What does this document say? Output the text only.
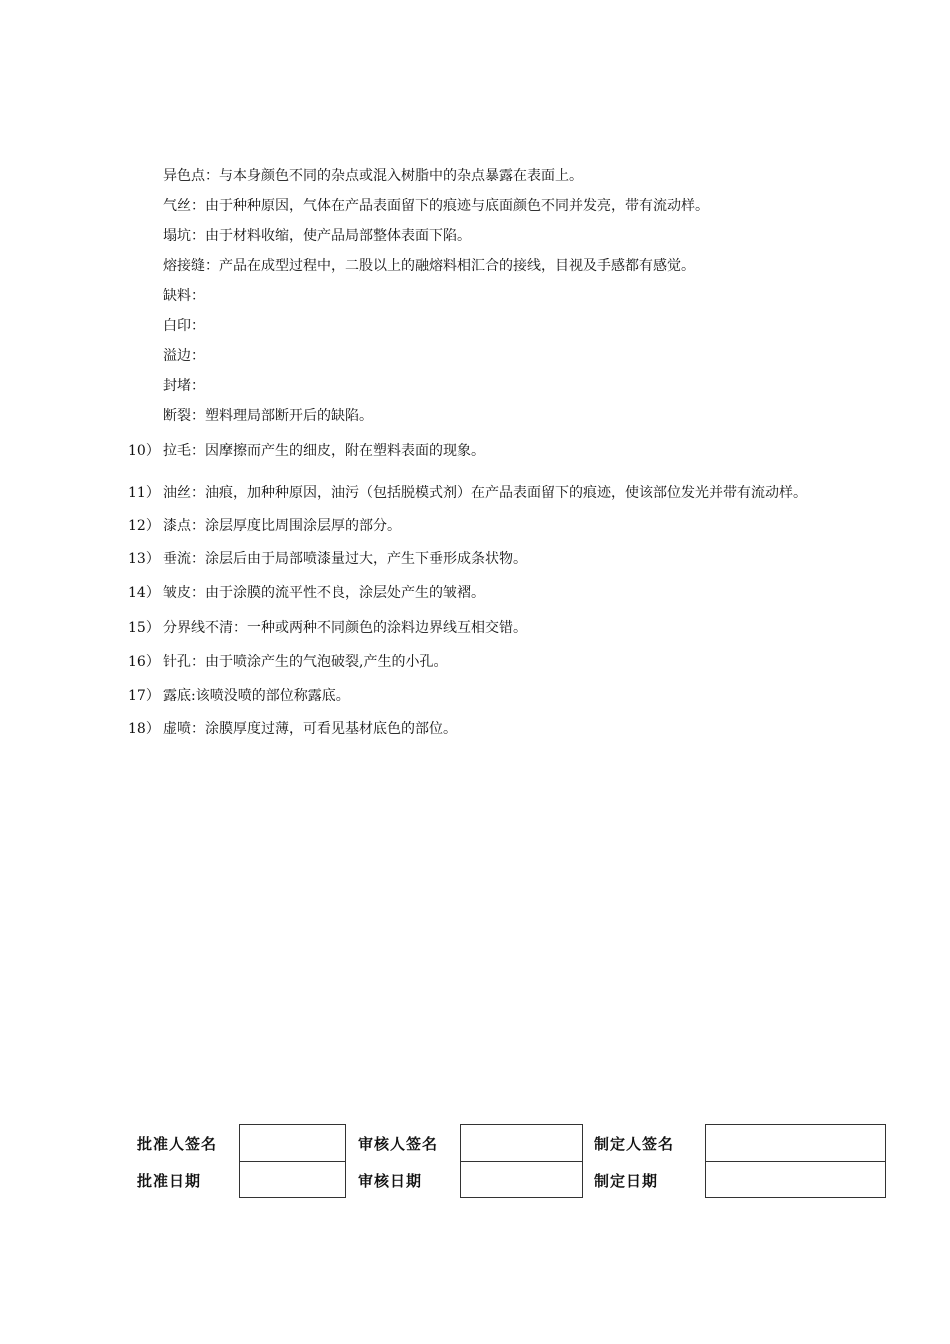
异色点：与本身颜色不同的杂点或混入树脂中的杂点暴露在表面上。
气丝：由于种种原因，气体在产品表面留下的痕迹与底面颜色不同并发亮，带有流动样。
塌坑：由于材料收缩，使产品局部整体表面下陷。
熔接缝：产品在成型过程中，二股以上的融熔料相汇合的接线，目视及手感都有感觉。
缺料：
白印：
溢边：
封堵：
断裂：塑料理局部断开后的缺陷。
10） 拉毛：因摩擦而产生的细皮，附在塑料表面的现象。
11） 油丝：油痕，加种种原因，油污（包括脱模式剂）在产品表面留下的痕迹，使该部位发光并带有流动样。
12） 漆点：涂层厚度比周围涂层厚的部分。
13） 垂流：涂层后由于局部喷漆量过大，产生下垂形成条状物。
14） 皱皮：由于涂膜的流平性不良，涂层处产生的皱褶。
15） 分界线不清：一种或两种不同颜色的涂料边界线互相交错。
16） 针孔：由于喷涂产生的气泡破裂,产生的小孔。
17） 露底:该喷没喷的部位称露底。
18） 虚喷：涂膜厚度过薄，可看见基材底色的部位。
批准人签名
批准日期
审核人签名
审核日期
制定人签名
制定日期
